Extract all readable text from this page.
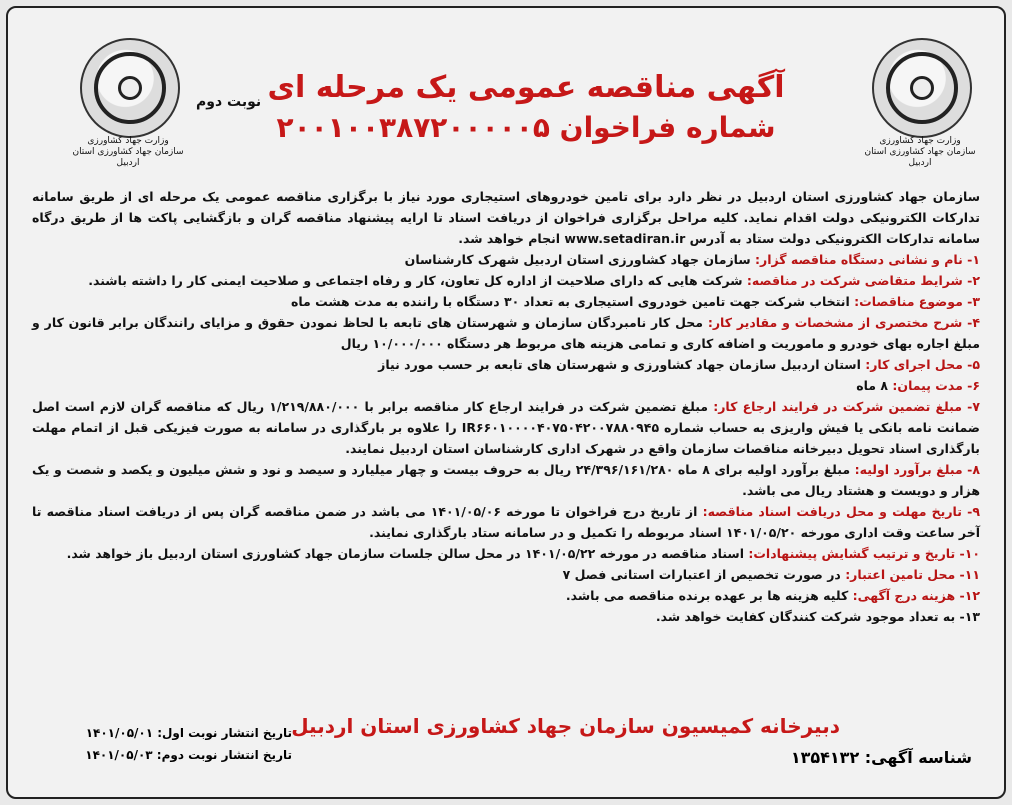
وزارت جهاد کشاورزی
سازمان جهاد کشاورزی استان اردبیل
نوبت دوم آگهی مناقصه عمومی یک مرحله ای
شماره فراخوان ۲۰۰۱۰۰۳۸۷۲۰۰۰۰۰۵	وزارت جهاد کشاورزی
سازمان جهاد کشاورزی استان اردبیل

سازمان جهاد کشاورزی استان اردبیل در نظر دارد برای تامین خودروهای استیجاری مورد نیاز با برگزاری مناقصه عمومی یک مرحله ای از طریق سامانه تدارکات الکترونیکی دولت اقدام نماید. کلیه مراحل برگزاری فراخوان از دریافت اسناد تا ارایه پیشنهاد مناقصه گران و بازگشایی پاکت ها از طریق درگاه سامانه تدارکات الکترونیکی دولت ستاد به آدرس www.setadiran.ir انجام خواهد شد.

۱- نام و نشانی دستگاه مناقصه گزار: سازمان جهاد کشاورزی استان اردبیل شهرک کارشناسان

۲- شرایط متقاضی شرکت در مناقصه: شرکت هایی که دارای صلاحیت از اداره کل تعاون، کار و رفاه اجتماعی و صلاحیت ایمنی کار را داشته باشند.

۳- موضوع مناقصات: انتخاب شرکت جهت تامین خودروی استیجاری به تعداد ۳۰ دستگاه با راننده به مدت هشت ماه

۴- شرح مختصری از مشخصات و مقادیر کار: محل کار نامبردگان سازمان و شهرستان های تابعه با لحاظ نمودن حقوق و مزایای رانندگان برابر قانون کار و مبلغ اجاره بهای خودرو و ماموریت و اضافه کاری و تمامی هزینه های مربوط هر دستگاه ۱۰/۰۰۰/۰۰۰ ریال

۵- محل اجرای کار: استان اردبیل سازمان جهاد کشاورزی و شهرستان های تابعه بر حسب مورد نیاز

۶- مدت پیمان: ۸ ماه

۷- مبلغ تضمین شرکت در فرایند ارجاع کار: مبلغ تضمین شرکت در فرایند ارجاع کار مناقصه برابر با ۱/۲۱۹/۸۸۰/۰۰۰ ریال که مناقصه گران لازم است اصل ضمانت نامه بانکی یا فیش واریزی به حساب شماره IR۶۶۰۱۰۰۰۰۴۰۷۵۰۴۲۰۰۷۸۸۰۹۴۵ را علاوه بر بارگذاری در سامانه به صورت فیزیکی قبل از اتمام مهلت بارگذاری اسناد تحویل دبیرخانه مناقصات سازمان واقع در شهرک اداری کارشناسان استان اردبیل نمایند.

۸- مبلغ برآورد اولیه: مبلغ برآورد اولیه برای ۸ ماه ۲۴/۳۹۶/۱۶۱/۲۸۰ ریال به حروف بیست و چهار میلیارد و سیصد و نود و شش میلیون و یکصد و شصت و یک هزار و دویست و هشتاد ریال می باشد.

۹- تاریخ مهلت و محل دریافت اسناد مناقصه: از تاریخ درج فراخوان تا مورخه ۱۴۰۱/۰۵/۰۶ می باشد در ضمن مناقصه گران پس از دریافت اسناد مناقصه تا آخر ساعت وقت اداری مورخه ۱۴۰۱/۰۵/۲۰ اسناد مربوطه را تکمیل و در سامانه ستاد بارگذاری نمایند.

۱۰- تاریخ و ترتیب گشایش پیشنهادات: اسناد مناقصه در مورخه ۱۴۰۱/۰۵/۲۲ در محل سالن جلسات سازمان جهاد کشاورزی استان اردبیل باز خواهد شد.

۱۱- محل تامین اعتبار: در صورت تخصیص از اعتبارات استانی فصل ۷

۱۲- هزینه درج آگهی: کلیه هزینه ها بر عهده برنده مناقصه می باشد.

۱۳- به تعداد موجود شرکت کنندگان کفایت خواهد شد.

دبیرخانه کمیسیون سازمان جهاد کشاورزی استان اردبیل
تاریخ انتشار نوبت اول: ۱۴۰۱/۰۵/۰۱
تاریخ انتشار نوبت دوم: ۱۴۰۱/۰۵/۰۳	شناسه آگهی: ۱۳۵۴۱۳۲
